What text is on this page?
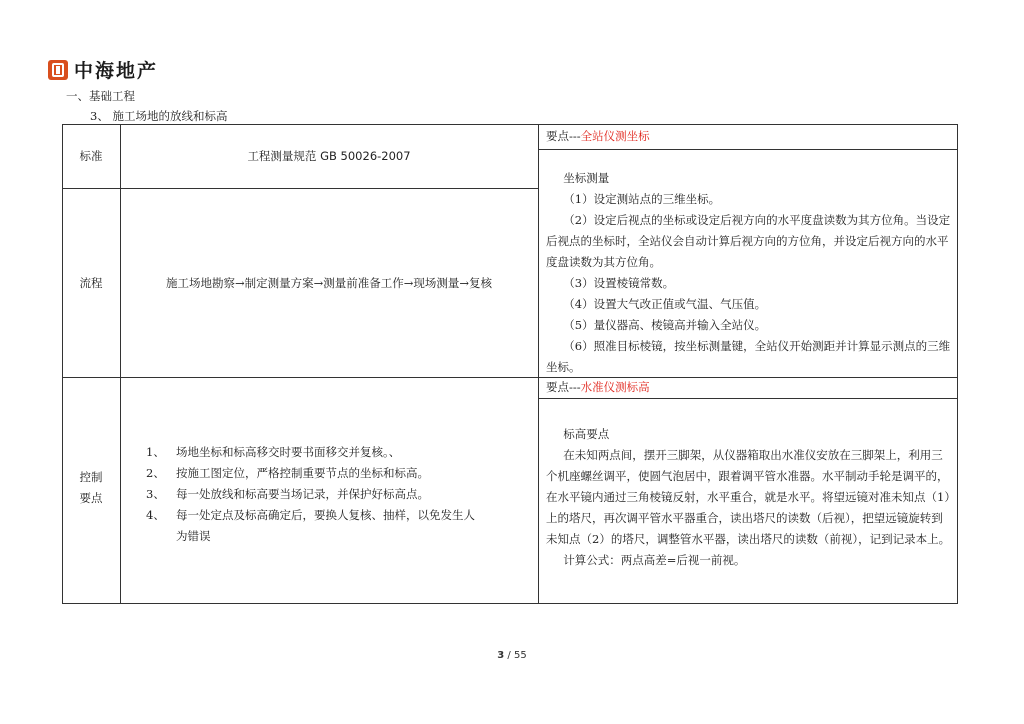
中海地产
一、基础工程
3、 施工场地的放线和标高
标准	工程测量规范 GB 50026-2007
流程	施工场地勘察→制定测量方案→测量前准备工作→现场测量→复核
控制
要点
1、 场地坐标和标高移交时要书面移交并复核。、
2、 按施工图定位，严格控制重要节点的坐标和标高。
3、 每一处放线和标高要当场记录，并保护好标高点。
4、 每一处定点及标高确定后，要换人复核、抽样，以免发生人为错误
要点---全站仪测坐标

坐标测量

（1）设定测站点的三维坐标。

（2）设定后视点的坐标或设定后视方向的水平度盘读数为其方位角。当设定后视点的坐标时，全站仪会自动计算后视方向的方位角，并设定后视方向的水平度盘读数为其方位角。

（3）设置棱镜常数。

（4）设置大气改正值或气温、气压值。

（5）量仪器高、棱镜高并输入全站仪。

（6）照准目标棱镜，按坐标测量键，全站仪开始测距并计算显示测点的三维坐标。

要点---水准仪测标高

标高要点

在未知两点间，摆开三脚架，从仪器箱取出水准仪安放在三脚架上，利用三个机座螺丝调平，使圆气泡居中，跟着调平管水准器。水平制动手轮是调平的，在水平镜内通过三角棱镜反射，水平重合，就是水平。将望远镜对准未知点（1）上的塔尺，再次调平管水平器重合，读出塔尺的读数（后视），把望远镜旋转到未知点（2）的塔尺，调整管水平器，读出塔尺的读数（前视），记到记录本上。

计算公式：两点高差=后视一前视。

3 / 55
